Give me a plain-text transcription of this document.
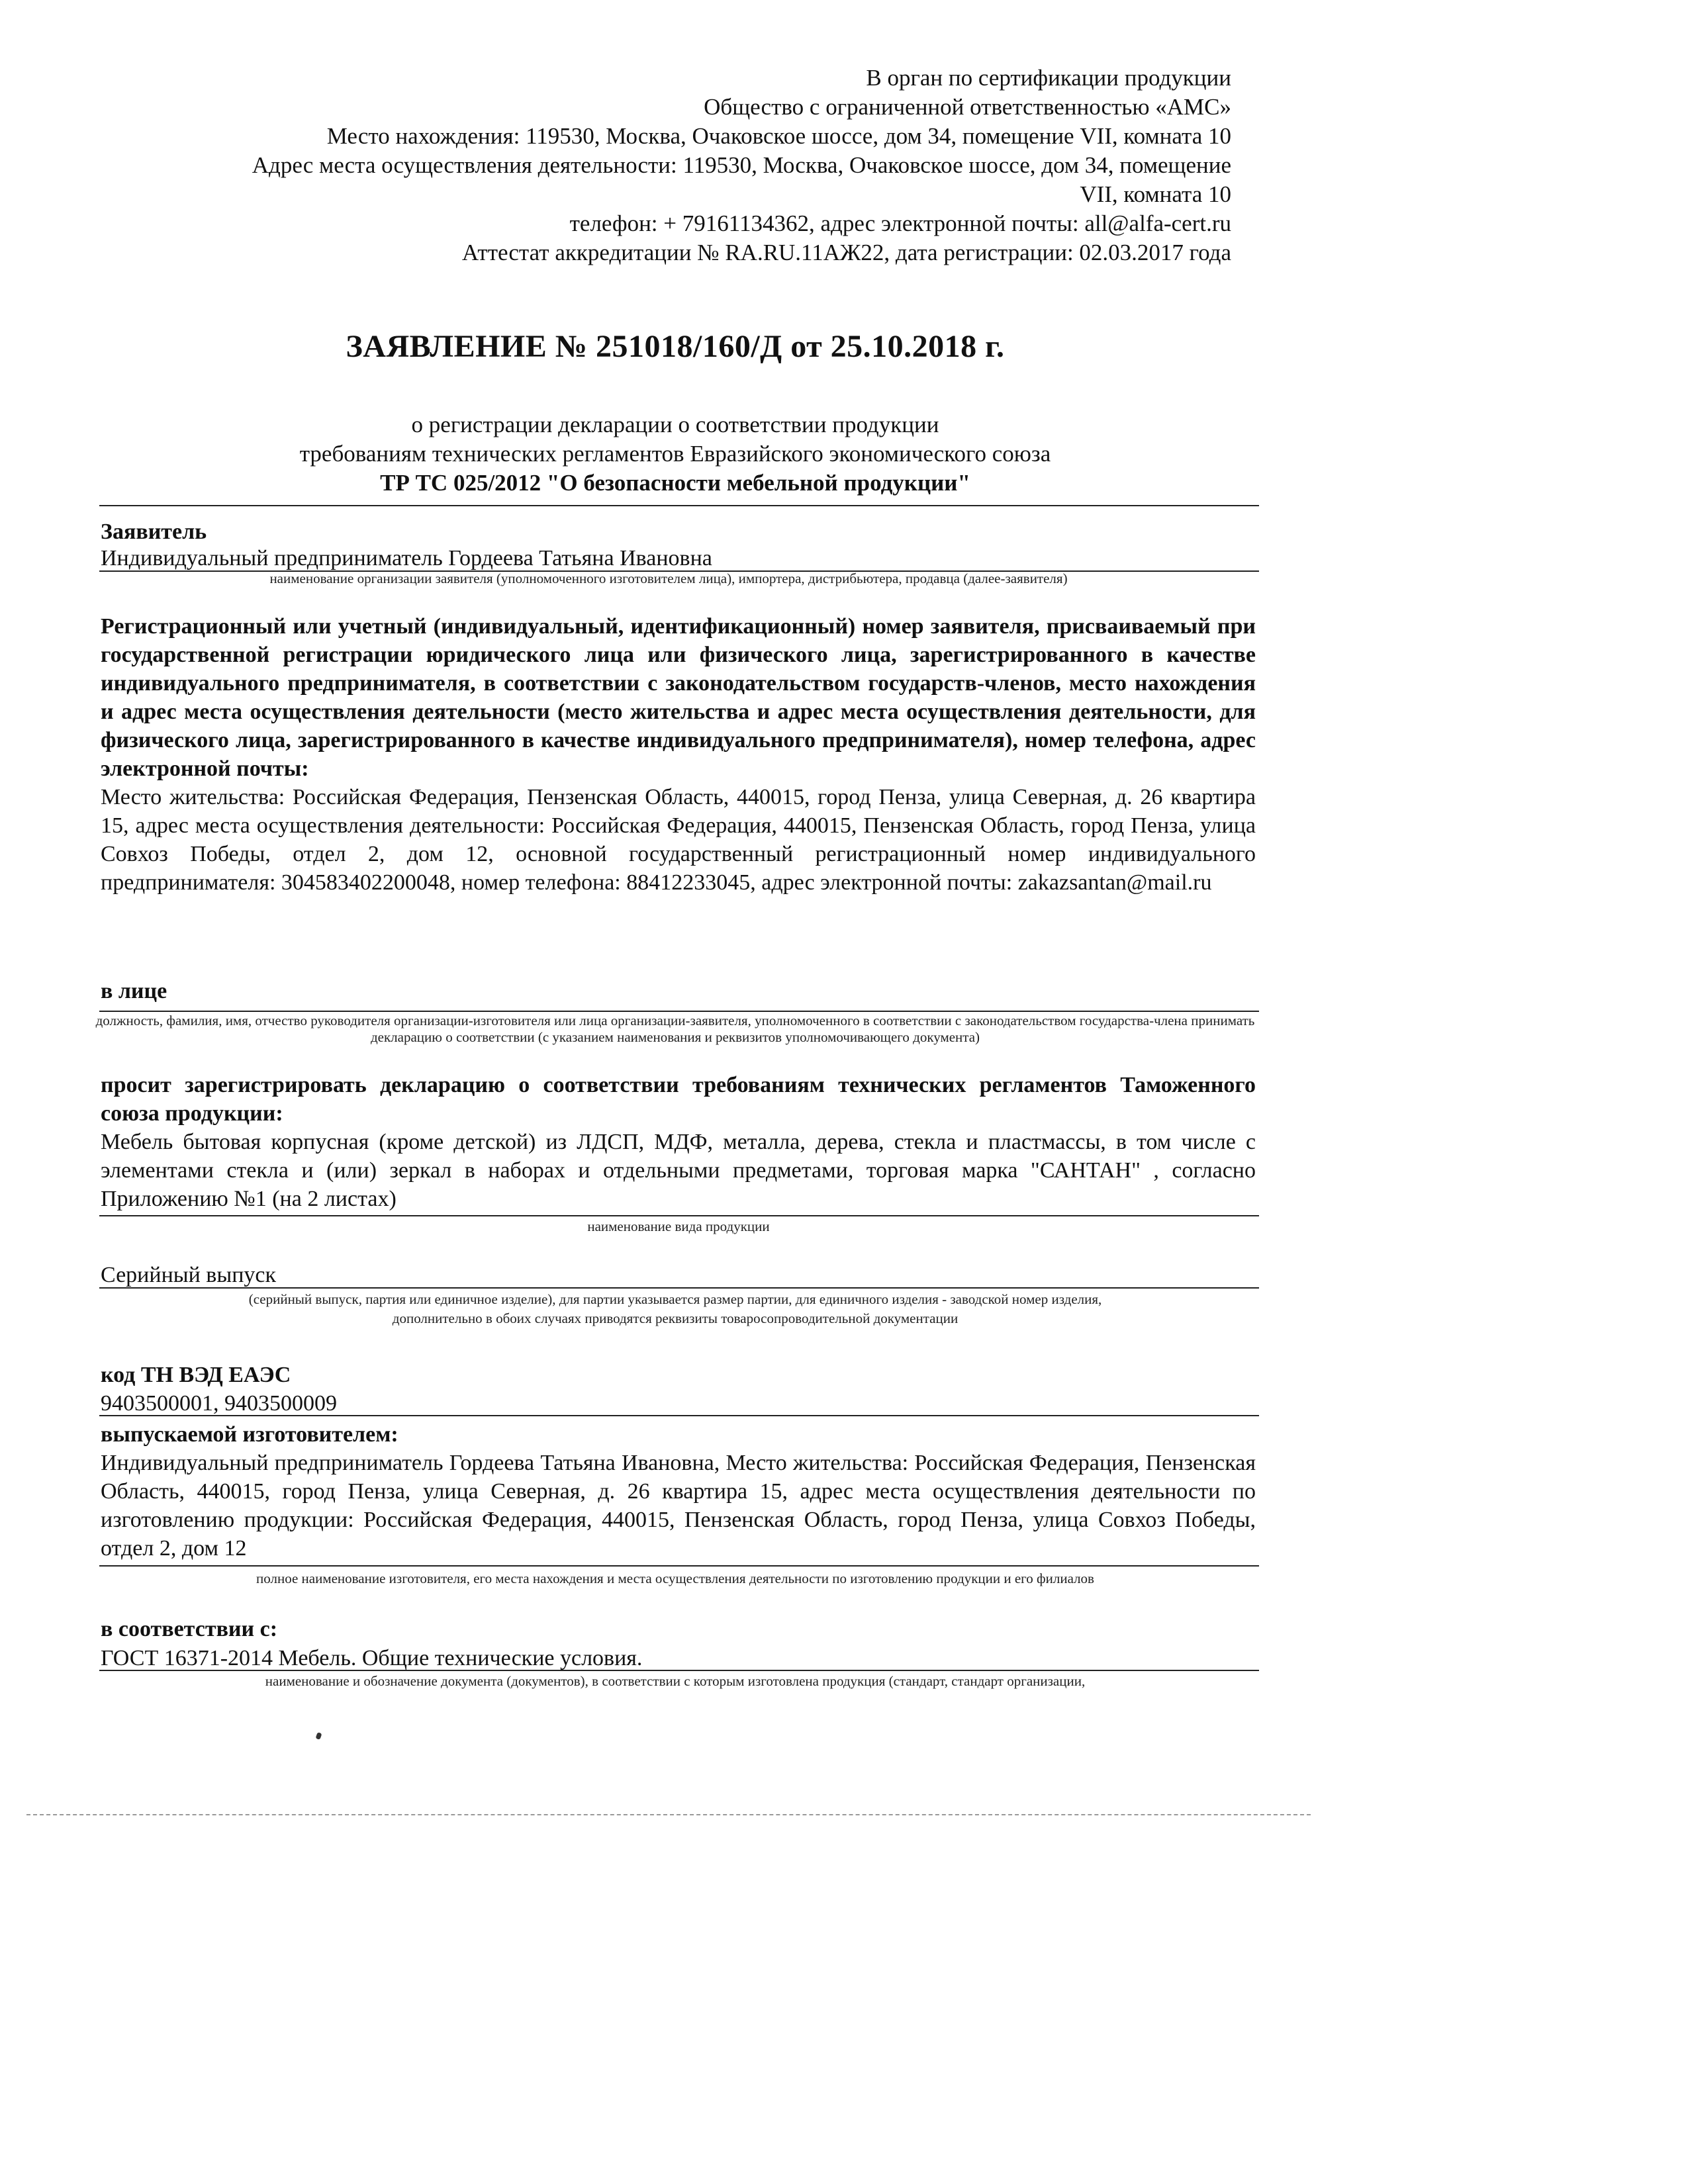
В орган по сертификации продукции
Общество с ограниченной ответственностью «АМС»
Место нахождения: 119530, Москва, Очаковское шоссе, дом 34, помещение VII, комната 10
Адрес места осуществления деятельности: 119530, Москва, Очаковское шоссе, дом 34, помещение
VII, комната 10
телефон: + 79161134362, адрес электронной почты: all@alfa-cert.ru
Аттестат аккредитации № RA.RU.11АЖ22, дата регистрации: 02.03.2017 года
ЗАЯВЛЕНИЕ № 251018/160/Д от 25.10.2018 г.
о регистрации декларации о соответствии продукции
требованиям технических регламентов Евразийского экономического союза
ТР ТС 025/2012 "О безопасности мебельной продукции"
Заявитель
Индивидуальный предприниматель Гордеева Татьяна Ивановна
наименование организации заявителя (уполномоченного изготовителем лица), импортера, дистрибьютера, продавца (далее-заявителя)
Регистрационный или учетный (индивидуальный, идентификационный) номер заявителя, присваиваемый при государственной регистрации юридического лица или физического лица, зарегистрированного в качестве индивидуального предпринимателя, в соответствии с законодательством государств-членов, место нахождения и адрес места осуществления деятельности (место жительства и адрес места осуществления деятельности, для физического лица, зарегистрированного в качестве индивидуального предпринимателя), номер телефона, адрес электронной почты:
Место жительства: Российская Федерация, Пензенская Область, 440015, город Пенза, улица Северная, д. 26 квартира 15, адрес места осуществления деятельности: Российская Федерация, 440015, Пензенская Область, город Пенза, улица Совхоз Победы, отдел 2, дом 12, основной государственный регистрационный номер индивидуального предпринимателя: 304583402200048, номер телефона: 88412233045, адрес электронной почты: zakazsantan@mail.ru
в лице
должность, фамилия, имя, отчество руководителя организации-изготовителя или лица организации-заявителя, уполномоченного в соответствии с законодательством государства-члена принимать декларацию о соответствии (с указанием наименования и реквизитов уполномочивающего документа)
просит зарегистрировать декларацию о соответствии требованиям технических регламентов Таможенного союза продукции:
Мебель бытовая корпусная (кроме детской) из ЛДСП, МДФ, металла, дерева, стекла и пластмассы, в том числе с элементами стекла и (или) зеркал в наборах и отдельными предметами, торговая марка "САНТАН" , согласно Приложению №1 (на 2 листах)
наименование вида продукции
Серийный выпуск
(серийный выпуск, партия или единичное изделие), для партии указывается размер партии, для единичного изделия - заводской номер изделия,
дополнительно в обоих случаях приводятся реквизиты товаросопроводительной документации
код ТН ВЭД ЕАЭС
9403500001, 9403500009
выпускаемой изготовителем:
Индивидуальный предприниматель Гордеева Татьяна Ивановна, Место жительства: Российская Федерация, Пензенская Область, 440015, город Пенза, улица Северная, д. 26 квартира 15, адрес места осуществления деятельности по изготовлению продукции: Российская Федерация, 440015, Пензенская Область, город Пенза, улица Совхоз Победы, отдел 2, дом 12
полное наименование изготовителя, его места нахождения и места осуществления деятельности по изготовлению продукции и его филиалов
в соответствии с:
ГОСТ 16371-2014 Мебель. Общие технические условия.
наименование и обозначение документа (документов), в соответствии с которым изготовлена продукция (стандарт, стандарт организации,
